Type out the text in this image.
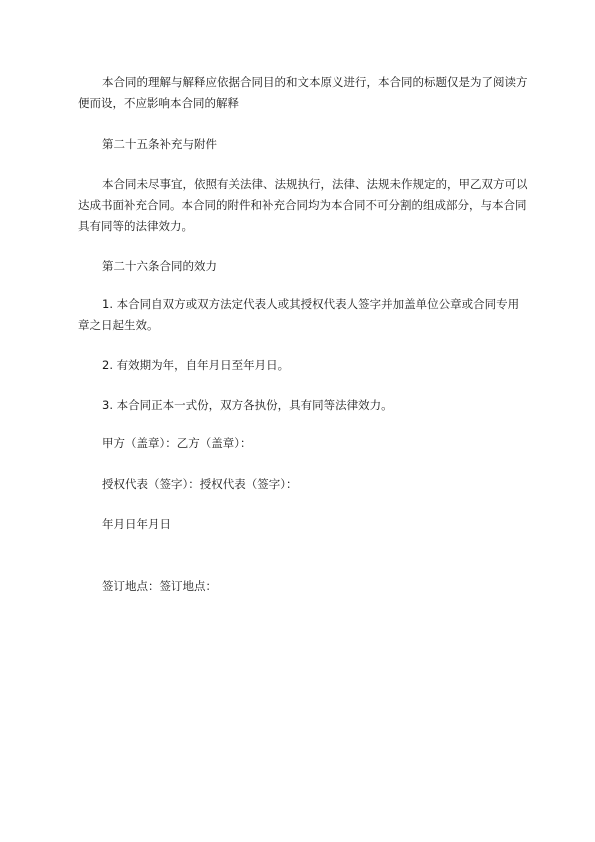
本合同的理解与解释应依据合同目的和文本原义进行，本合同的标题仅是为了阅读方便而设，不应影响本合同的解释

第二十五条补充与附件

本合同未尽事宜，依照有关法律、法规执行，法律、法规未作规定的，甲乙双方可以达成书面补充合同。本合同的附件和补充合同均为本合同不可分割的组成部分，与本合同具有同等的法律效力。

第二十六条合同的效力

1. 本合同自双方或双方法定代表人或其授权代表人签字并加盖单位公章或合同专用章之日起生效。

2. 有效期为年，自年月日至年月日。

3. 本合同正本一式份，双方各执份，具有同等法律效力。

甲方（盖章）：乙方（盖章）：

授权代表（签字）：授权代表（签字）：

年月日年月日

签订地点：签订地点：
